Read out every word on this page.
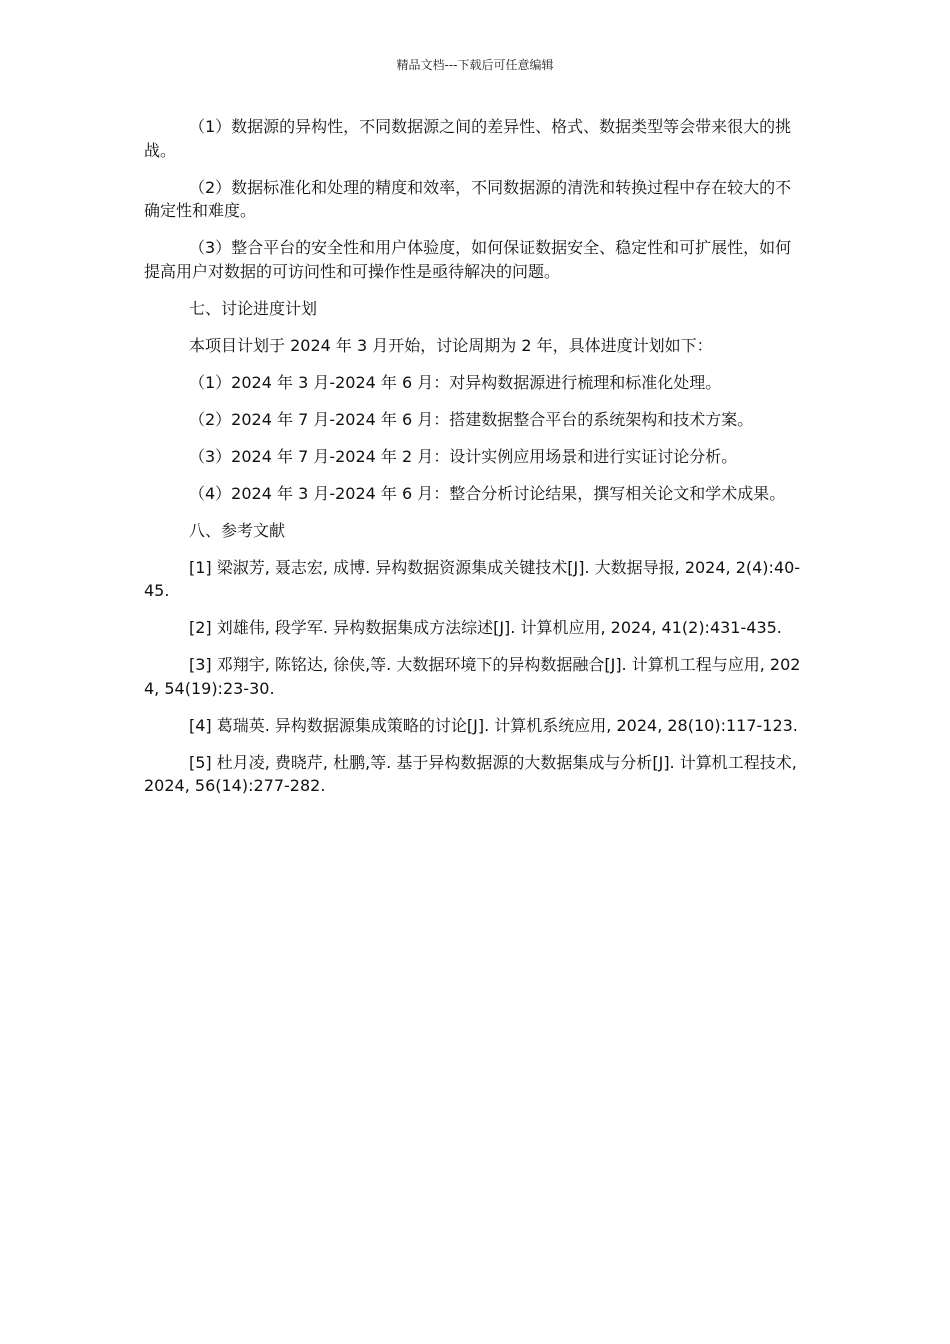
精品文档---下载后可任意编辑

（1）数据源的异构性，不同数据源之间的差异性、格式、数据类型等会带来很大的挑战。

（2）数据标准化和处理的精度和效率，不同数据源的清洗和转换过程中存在较大的不确定性和难度。

（3）整合平台的安全性和用户体验度，如何保证数据安全、稳定性和可扩展性，如何提高用户对数据的可访问性和可操作性是亟待解决的问题。

七、讨论进度计划

本项目计划于 2024 年 3 月开始，讨论周期为 2 年，具体进度计划如下：

（1）2024 年 3 月-2024 年 6 月：对异构数据源进行梳理和标准化处理。

（2）2024 年 7 月-2024 年 6 月：搭建数据整合平台的系统架构和技术方案。

（3）2024 年 7 月-2024 年 2 月：设计实例应用场景和进行实证讨论分析。

（4）2024 年 3 月-2024 年 6 月：整合分析讨论结果，撰写相关论文和学术成果。

八、参考文献

[1] 梁淑芳, 聂志宏, 成博. 异构数据资源集成关键技术[J]. 大数据导报, 2024, 2(4):40-45.

[2] 刘雄伟, 段学军. 异构数据集成方法综述[J]. 计算机应用, 2024, 41(2):431-435.

[3] 邓翔宇, 陈铭达, 徐侠,等. 大数据环境下的异构数据融合[J]. 计算机工程与应用, 2024, 54(19):23-30.

[4] 葛瑞英. 异构数据源集成策略的讨论[J]. 计算机系统应用, 2024, 28(10):117-123.

[5] 杜月凌, 费晓芹, 杜鹏,等. 基于异构数据源的大数据集成与分析[J]. 计算机工程技术, 2024, 56(14):277-282.
